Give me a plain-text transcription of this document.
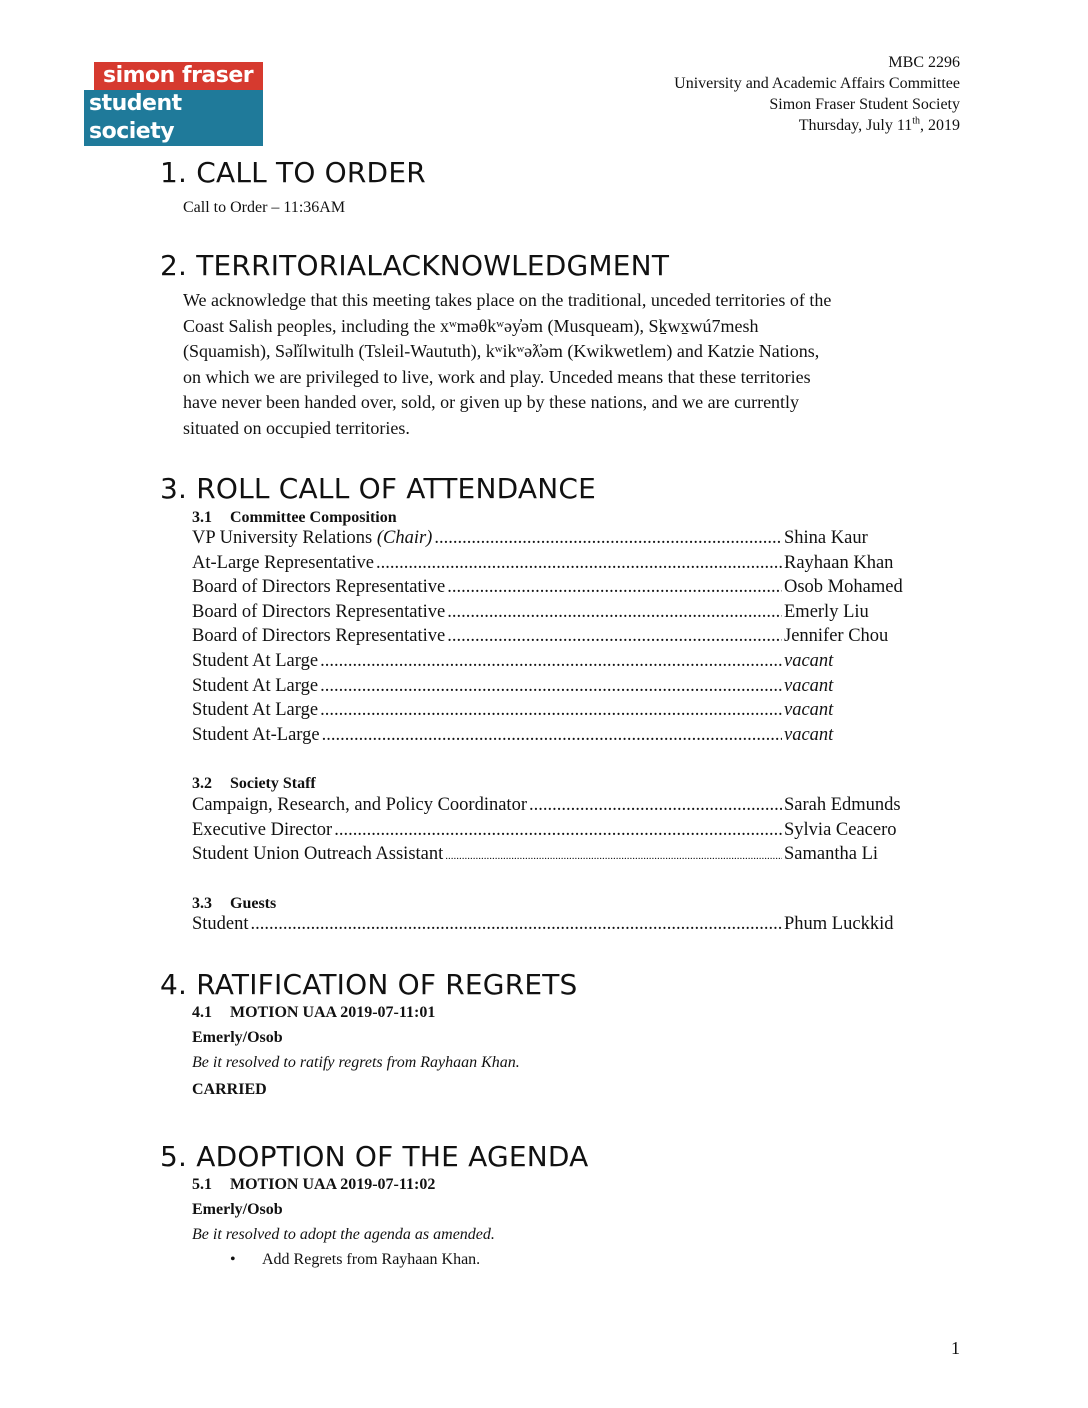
simon fraser
student society
MBC 2296
University and Academic Affairs Committee
Simon Fraser Student Society
Thursday, July 11th, 2019
1. CALL TO ORDER
Call to Order – 11:36AM
2. TERRITORIALACKNOWLEDGMENT
We acknowledge that this meeting takes place on the traditional, unceded territories of the
Coast Salish peoples, including the xʷməθkʷəy̓əm (Musqueam), Sḵwx̱wú7mesh
(Squamish), Səl̓ílwitulh (Tsleil-Waututh), kʷikʷəƛ̓əm (Kwikwetlem) and Katzie Nations,
on which we are privileged to live, work and play. Unceded means that these territories
have never been handed over, sold, or given up by these nations, and we are currently
situated on occupied territories.
3. ROLL CALL OF ATTENDANCE
3.1 Committee Composition
VP University Relations (Chair) .....	Shina Kaur
At-Large Representative .....	Rayhaan Khan
Board of Directors Representative .....	Osob Mohamed
Board of Directors Representative .....	Emerly Liu
Board of Directors Representative .....	Jennifer Chou
Student At Large .....	vacant
Student At Large .....	vacant
Student At Large .....	vacant
Student At-Large .....	vacant
3.2 Society Staff
Campaign, Research, and Policy Coordinator .....	Sarah Edmunds
Executive Director .....	Sylvia Ceacero
Student Union Outreach Assistant .....	Samantha Li
3.3 Guests
Student .....	Phum Luckkid
4. RATIFICATION OF REGRETS
4.1 MOTION UAA 2019-07-11:01
Emerly/Osob
Be it resolved to ratify regrets from Rayhaan Khan.
CARRIED
5. ADOPTION OF THE AGENDA
5.1 MOTION UAA 2019-07-11:02
Emerly/Osob
Be it resolved to adopt the agenda as amended.
• Add Regrets from Rayhaan Khan.
1
